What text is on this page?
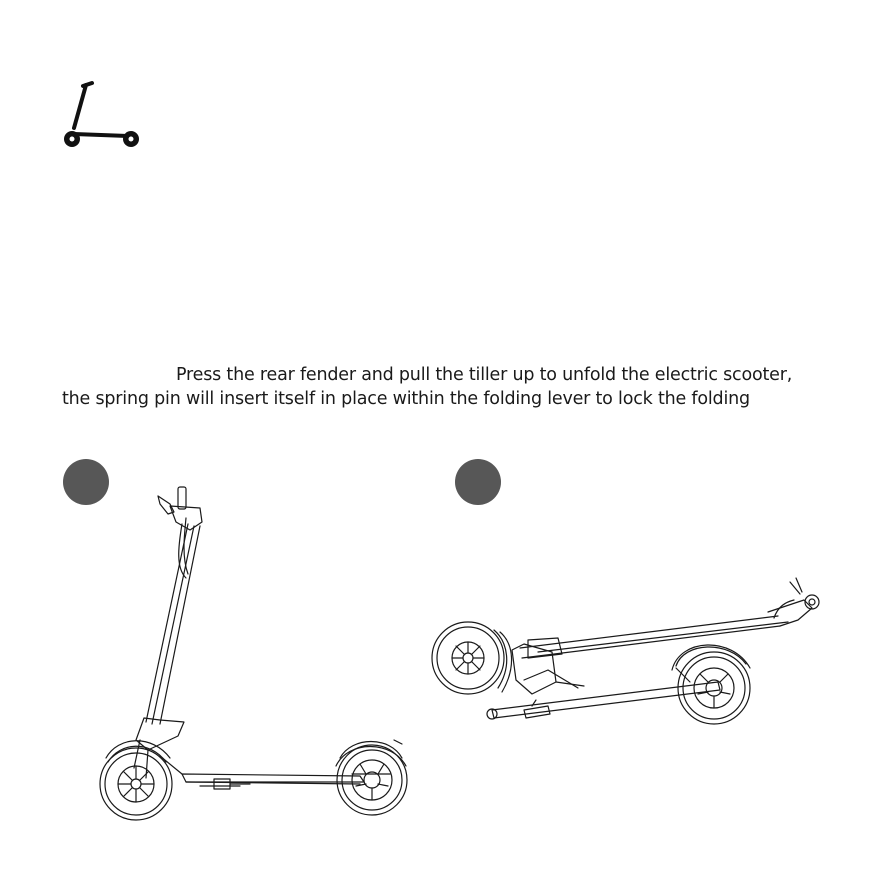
Press the rear fender and pull the tiller up to unfold the electric scooter,
the spring pin will insert itself in place within the folding lever to lock the folding
